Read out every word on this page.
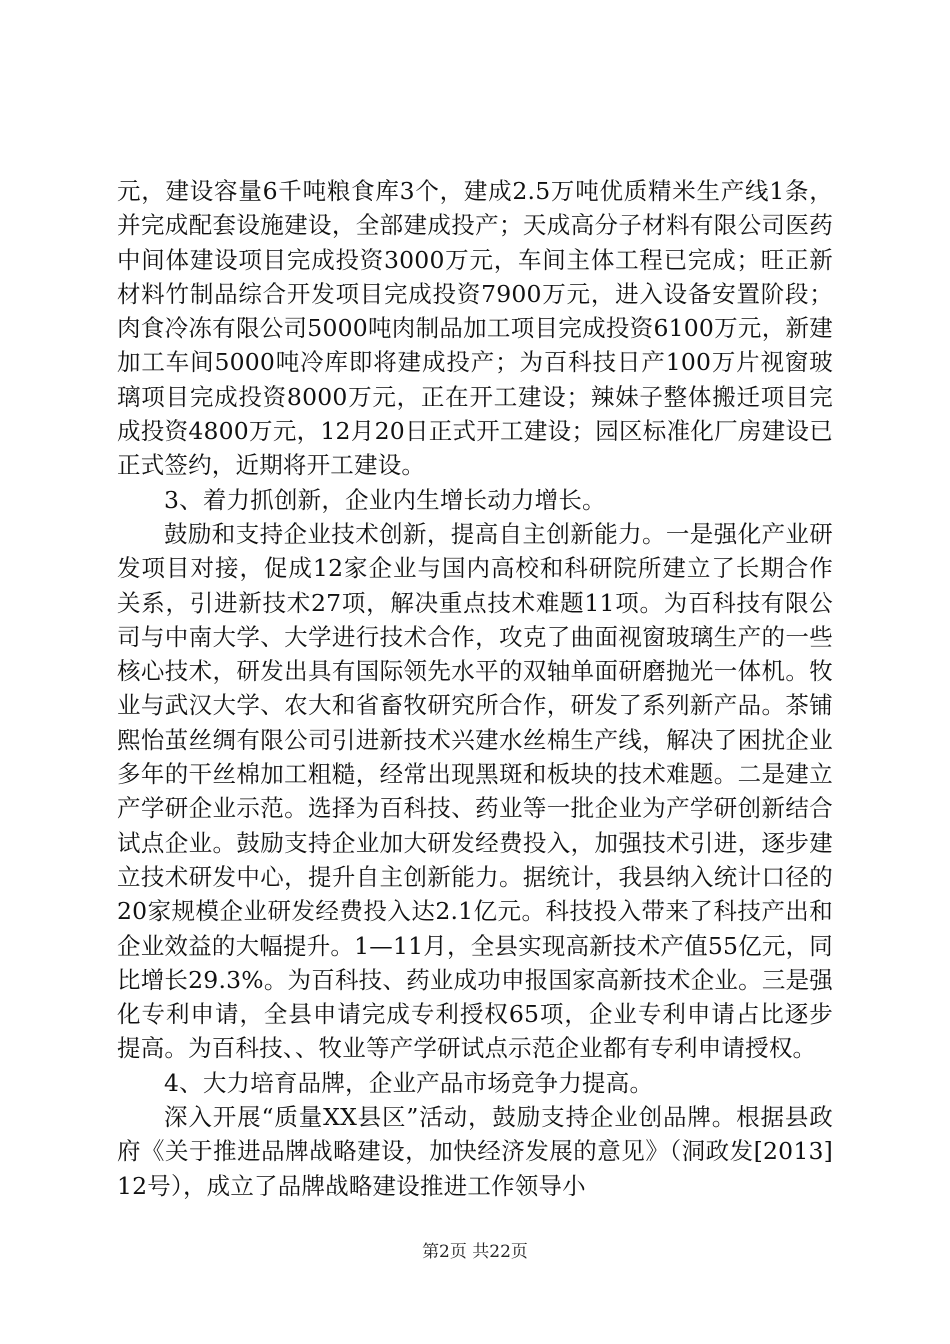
元，建设容量6千吨粮食库3个，建成2.5万吨优质精米生产线1条，并完成配套设施建设，全部建成投产；天成高分子材料有限公司医药中间体建设项目完成投资3000万元，车间主体工程已完成；旺正新材料竹制品综合开发项目完成投资7900万元，进入设备安置阶段；肉食冷冻有限公司5000吨肉制品加工项目完成投资6100万元，新建加工车间5000吨冷库即将建成投产；为百科技日产100万片视窗玻璃项目完成投资8000万元，正在开工建设；辣妹子整体搬迁项目完成投资4800万元，12月20日正式开工建设；园区标准化厂房建设已正式签约，近期将开工建设。

3、着力抓创新，企业内生增长动力增长。

鼓励和支持企业技术创新，提高自主创新能力。一是强化产业研发项目对接，促成12家企业与国内高校和科研院所建立了长期合作关系，引进新技术27项，解决重点技术难题11项。为百科技有限公司与中南大学、大学进行技术合作，攻克了曲面视窗玻璃生产的一些核心技术，研发出具有国际领先水平的双轴单面研磨抛光一体机。牧业与武汉大学、农大和省畜牧研究所合作，研发了系列新产品。茶铺熙怡茧丝绸有限公司引进新技术兴建水丝棉生产线，解决了困扰企业多年的干丝棉加工粗糙，经常出现黑斑和板块的技术难题。二是建立产学研企业示范。选择为百科技、药业等一批企业为产学研创新结合试点企业。鼓励支持企业加大研发经费投入，加强技术引进，逐步建立技术研发中心，提升自主创新能力。据统计，我县纳入统计口径的20家规模企业研发经费投入达2.1亿元。科技投入带来了科技产出和企业效益的大幅提升。1—11月，全县实现高新技术产值55亿元，同比增长29.3%。为百科技、药业成功申报国家高新技术企业。三是强化专利申请，全县申请完成专利授权65项，企业专利申请占比逐步提高。为百科技、、牧业等产学研试点示范企业都有专利申请授权。

4、大力培育品牌，企业产品市场竞争力提高。

深入开展“质量XX县区”活动，鼓励支持企业创品牌。根据县政府《关于推进品牌战略建设，加快经济发展的意见》（洞政发[2013]12号），成立了品牌战略建设推进工作领导小

第2页 共22页
